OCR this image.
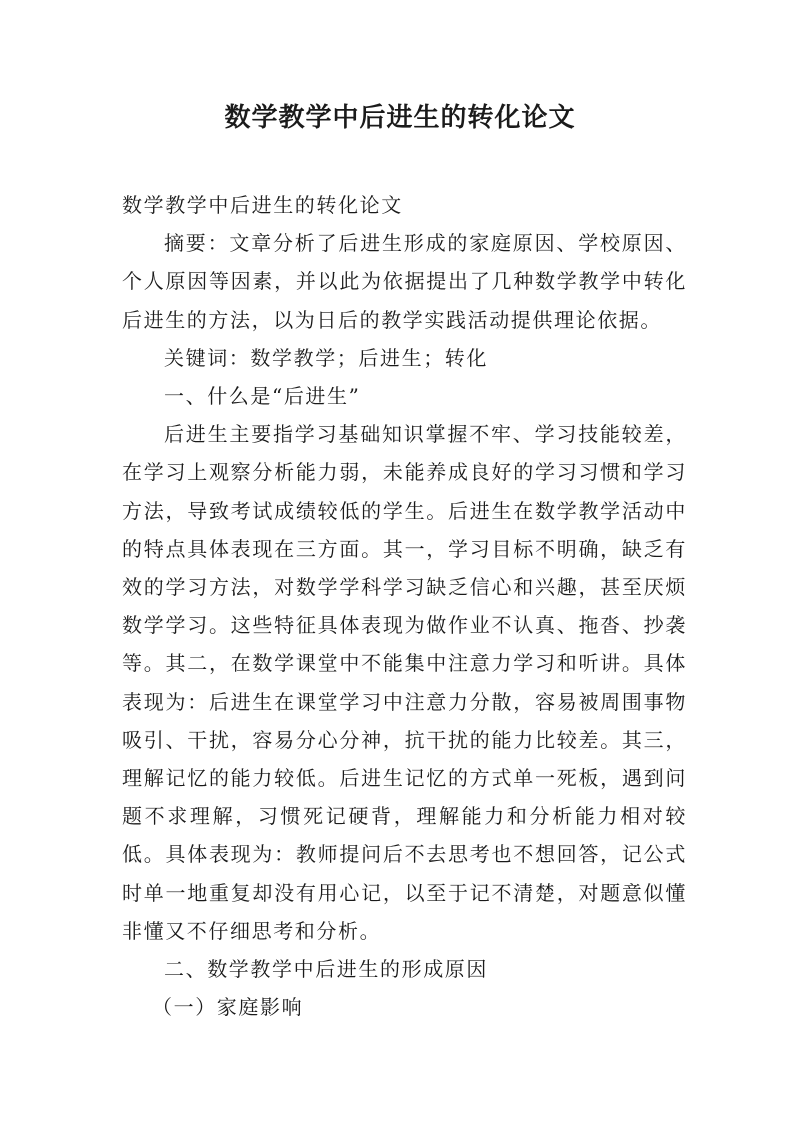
数学教学中后进生的转化论文

数学教学中后进生的转化论文

摘要：文章分析了后进生形成的家庭原因、学校原因、个人原因等因素，并以此为依据提出了几种数学教学中转化后进生的方法，以为日后的教学实践活动提供理论依据。

关键词：数学教学；后进生；转化

一、什么是“后进生”

后进生主要指学习基础知识掌握不牢、学习技能较差，在学习上观察分析能力弱，未能养成良好的学习习惯和学习方法，导致考试成绩较低的学生。后进生在数学教学活动中的特点具体表现在三方面。其一，学习目标不明确，缺乏有效的学习方法，对数学学科学习缺乏信心和兴趣，甚至厌烦数学学习。这些特征具体表现为做作业不认真、拖沓、抄袭等。其二，在数学课堂中不能集中注意力学习和听讲。具体表现为：后进生在课堂学习中注意力分散，容易被周围事物吸引、干扰，容易分心分神，抗干扰的能力比较差。其三，理解记忆的能力较低。后进生记忆的方式单一死板，遇到问题不求理解，习惯死记硬背，理解能力和分析能力相对较低。具体表现为：教师提问后不去思考也不想回答，记公式时单一地重复却没有用心记，以至于记不清楚，对题意似懂非懂又不仔细思考和分析。

二、数学教学中后进生的形成原因

（一）家庭影响
